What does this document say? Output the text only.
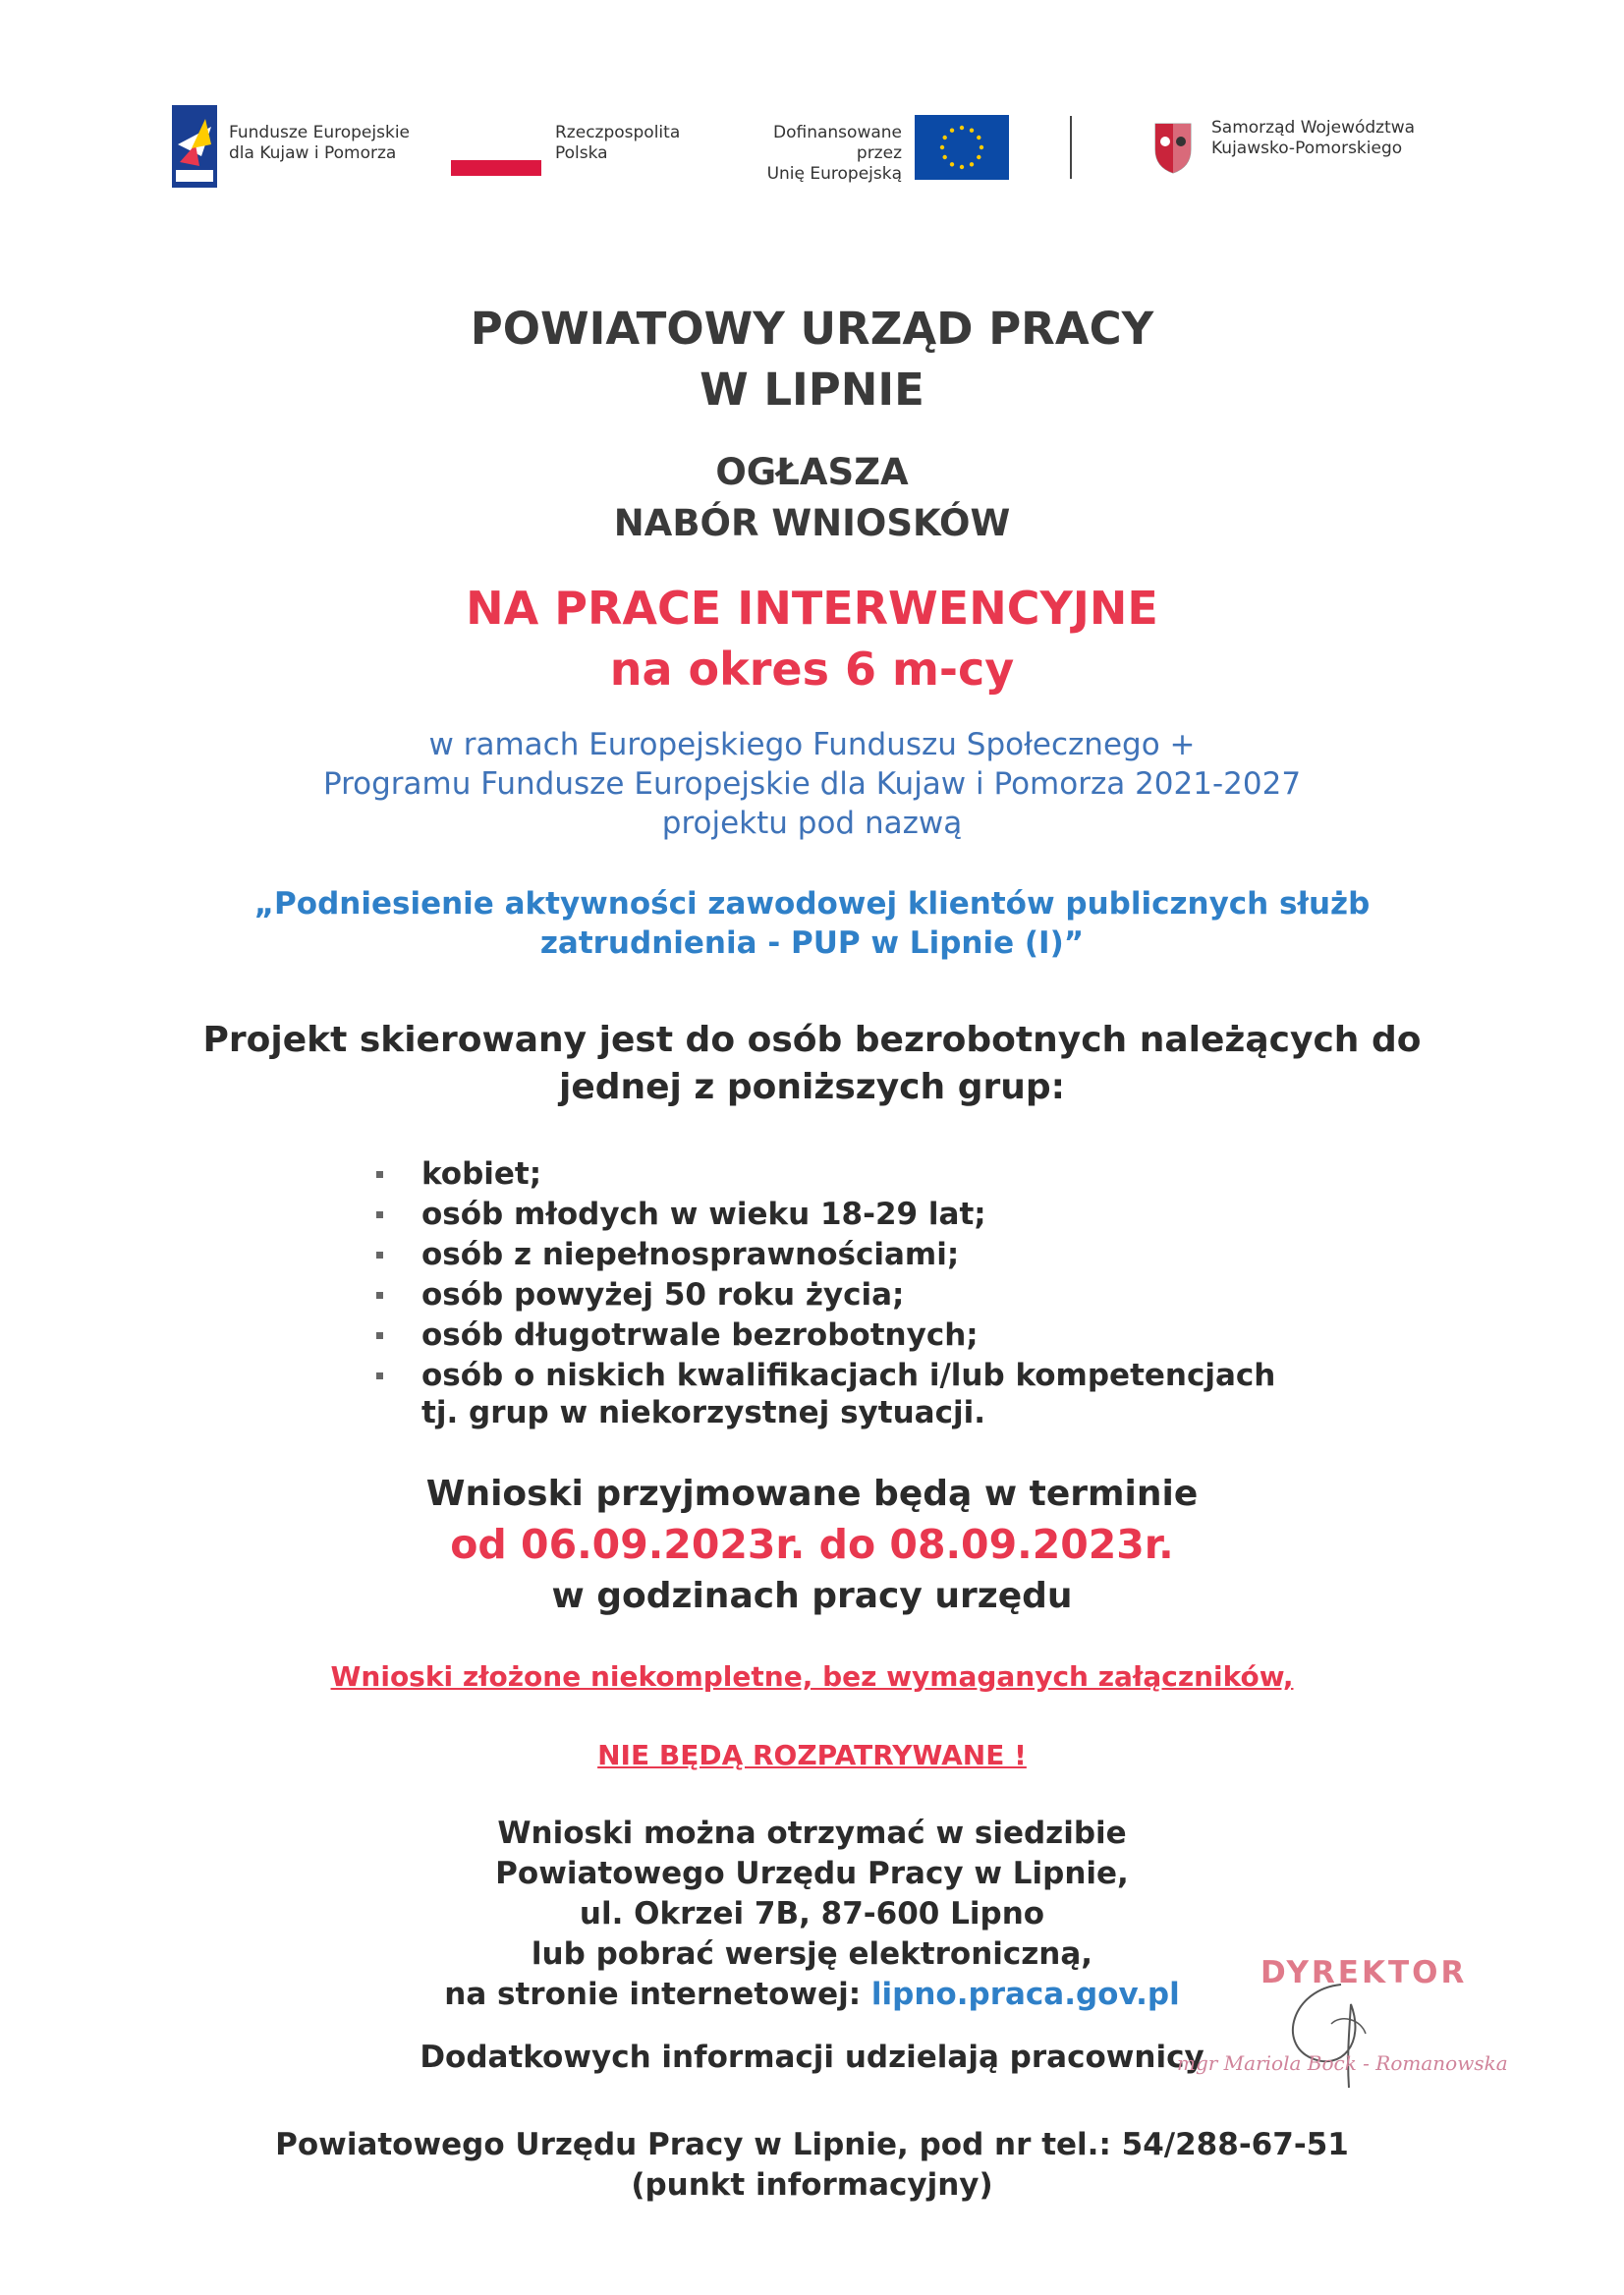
Fundusze Europejskie
dla Kujaw i Pomorza
Rzeczpospolita
Polska
Dofinansowane przez
Unię Europejską
Samorząd Województwa
Kujawsko-Pomorskiego
POWIATOWY URZĄD PRACY
W LIPNIE
OGŁASZA
NABÓR WNIOSKÓW
NA PRACE INTERWENCYJNE
na okres 6 m-cy
w ramach Europejskiego Funduszu Społecznego +
Programu Fundusze Europejskie dla Kujaw i Pomorza 2021-2027
projektu pod nazwą
„Podniesienie aktywności zawodowej klientów publicznych służb
zatrudnienia - PUP w Lipnie (I)”
Projekt skierowany jest do osób bezrobotnych należących do
jednej z poniższych grup:
kobiet;
osób młodych w wieku 18-29 lat;
osób z niepełnosprawnościami;
osób powyżej 50 roku życia;
osób długotrwale bezrobotnych;
osób o niskich kwalifikacjach i/lub kompetencjach
tj. grup w niekorzystnej sytuacji.
Wnioski przyjmowane będą w terminie
od 06.09.2023r. do 08.09.2023r.
w godzinach pracy urzędu
Wnioski złożone niekompletne, bez wymaganych załączników,
NIE BĘDĄ ROZPATRYWANE !
Wnioski można otrzymać w siedzibie
Powiatowego Urzędu Pracy w Lipnie,
ul. Okrzei 7B, 87-600 Lipno
lub pobrać wersję elektroniczną,
na stronie internetowej: lipno.praca.gov.pl
Dodatkowych informacji udzielają pracownicy
Powiatowego Urzędu Pracy w Lipnie, pod nr tel.: 54/288-67-51
(punkt informacyjny)
DYREKTOR
mgr Mariola Bock - Romanowska
